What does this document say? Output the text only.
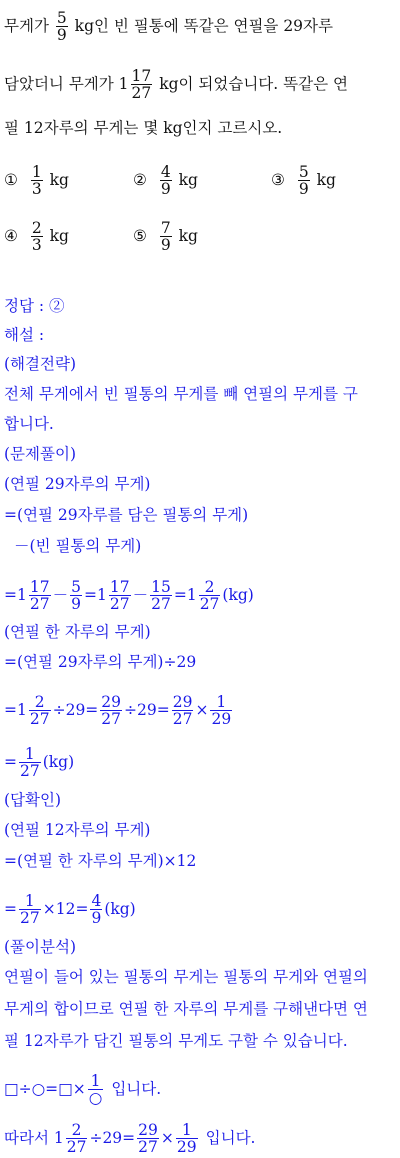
무게가 $\frac{5}{9}$ kg인 빈 필통에 똑같은 연필을 29자루
담았더니 무게가 $1 \frac{17}{27}$ kg이 되었습니다. 똑같은 연
필 12자루의 무게는 몇 kg인지 고르시오.
① $\frac{1}{3}$ kg	② $\frac{4}{9}$ kg	③ $\frac{5}{9}$ kg
④ $\frac{2}{3}$ kg	⑤ $\frac{7}{9}$ kg
정답 : ②
해설 :
(해결전략)
전체 무게에서 빈 필통의 무게를 빼 연필의 무게를 구
합니다.
(문제풀이)
(연필 29자루의 무게)
=(연필 29자루를 담은 필통의 무게)
－(빈 필통의 무게)
$=1 \frac{17}{27} - \frac{5}{9} =1 \frac{17}{27} - \frac{15}{27} =1 \frac{2}{27} (kg)$
(연필 한 자루의 무게)
=(연필 29자루의 무게)÷29
$=1 \frac{2}{27} \div 29= \frac{29}{27} \div 29= \frac{29}{27} \times \frac{1}{29}$
= $\frac{1}{27} (kg)$
(답확인)
(연필 12자루의 무게)
=(연필 한 자루의 무게)×12
= $\frac{1}{27} \times 12= \frac{4}{9} (kg)$
(풀이분석)
연필이 들어 있는 필통의 무게는 필통의 무게와 연필의
무게의 합이므로 연필 한 자루의 무게를 구해낸다면 연
필 12자루가 담긴 필통의 무게도 구할 수 있습니다.
□÷○=□× $\frac{1}{○}$ 입니다.
따라서 $1 \frac{2}{27} \div 29= \frac{29}{27} \times \frac{1}{29}$ 입니다.
